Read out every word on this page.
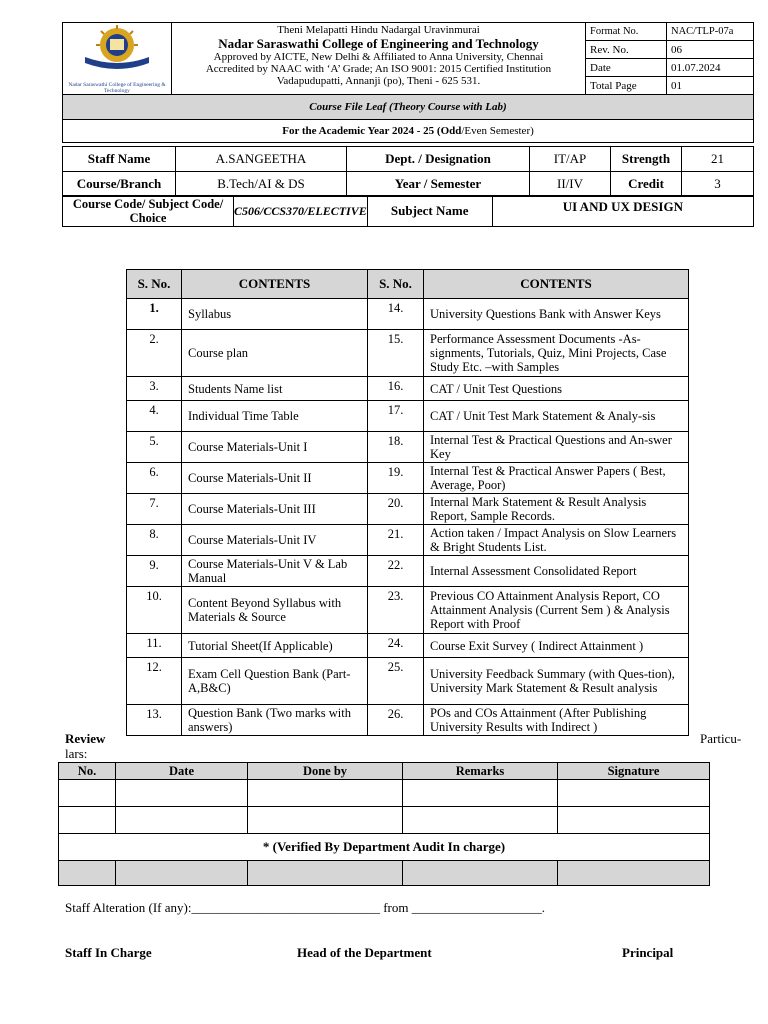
Nadar Saraswathi College of Engineering & Technology	Theni Melapatti Hindu Nadargal Uravinmurai
Nadar Saraswathi College of Engineering and Technology
Approved by AICTE, New Delhi & Affiliated to Anna University, Chennai
Accredited by NAAC with ‘A’ Grade; An ISO 9001: 2015 Certified Institution
Vadapudupatti, Annanji (po), Theni - 625 531.	Format No.	NAC/TLP-07a
		Rev. No.	06
		Date	01.07.2024
		Total Page	01
Course File Leaf (Theory Course with Lab)			
For the Academic Year 2024 - 25 (Odd/Even Semester)			
Staff Name	A.SANGEETHA	Dept. / Designation	IT/AP	Strength	21
Course/Branch	B.Tech/AI & DS	Year / Semester	II/IV	Credit	3
Course Code/ Subject Code/ Choice	C506/CCS370/ELECTIVE	Subject Name	UI AND UX DESIGN
S. No.	CONTENTS	S. No.	CONTENTS
1.	Syllabus	14.	University Questions Bank with Answer Keys
2.	Course plan	15.	Performance Assessment Documents -As-signments, Tutorials, Quiz, Mini Projects, Case Study Etc. –with Samples
3.	Students Name list	16.	CAT / Unit Test Questions
4.	Individual Time Table	17.	CAT / Unit Test Mark Statement & Analy-sis
5.	Course Materials-Unit I	18.	Internal Test & Practical Questions and An-swer Key
6.	Course Materials-Unit II	19.	Internal Test & Practical Answer Papers ( Best, Average, Poor)
7.	Course Materials-Unit III	20.	Internal Mark Statement & Result Analysis Report, Sample Records.
8.	Course Materials-Unit IV	21.	Action taken / Impact Analysis on Slow Learners & Bright Students List.
9.	Course Materials-Unit V & Lab Manual	22.	Internal Assessment Consolidated Report
10.	Content Beyond Syllabus with Materials & Source	23.	Previous CO Attainment Analysis Report, CO Attainment Analysis (Current Sem ) & Analysis Report with Proof
11.	Tutorial Sheet(If Applicable)	24.	Course Exit Survey ( Indirect Attainment )
12.	Exam Cell Question Bank (Part-A,B&C)	25.	University Feedback Summary (with Ques-tion), University Mark Statement & Result analysis
13.	Question Bank (Two marks with answers)	26.	POs and COs Attainment (After Publishing University Results with Indirect )
Review	Particu-
lars:
No.	Date	Done by	Remarks	Signature

* (Verified By Department Audit In charge)				

Staff Alteration (If any):_____________________________ from ____________________.
Staff In Charge	Head of the Department	Principal
